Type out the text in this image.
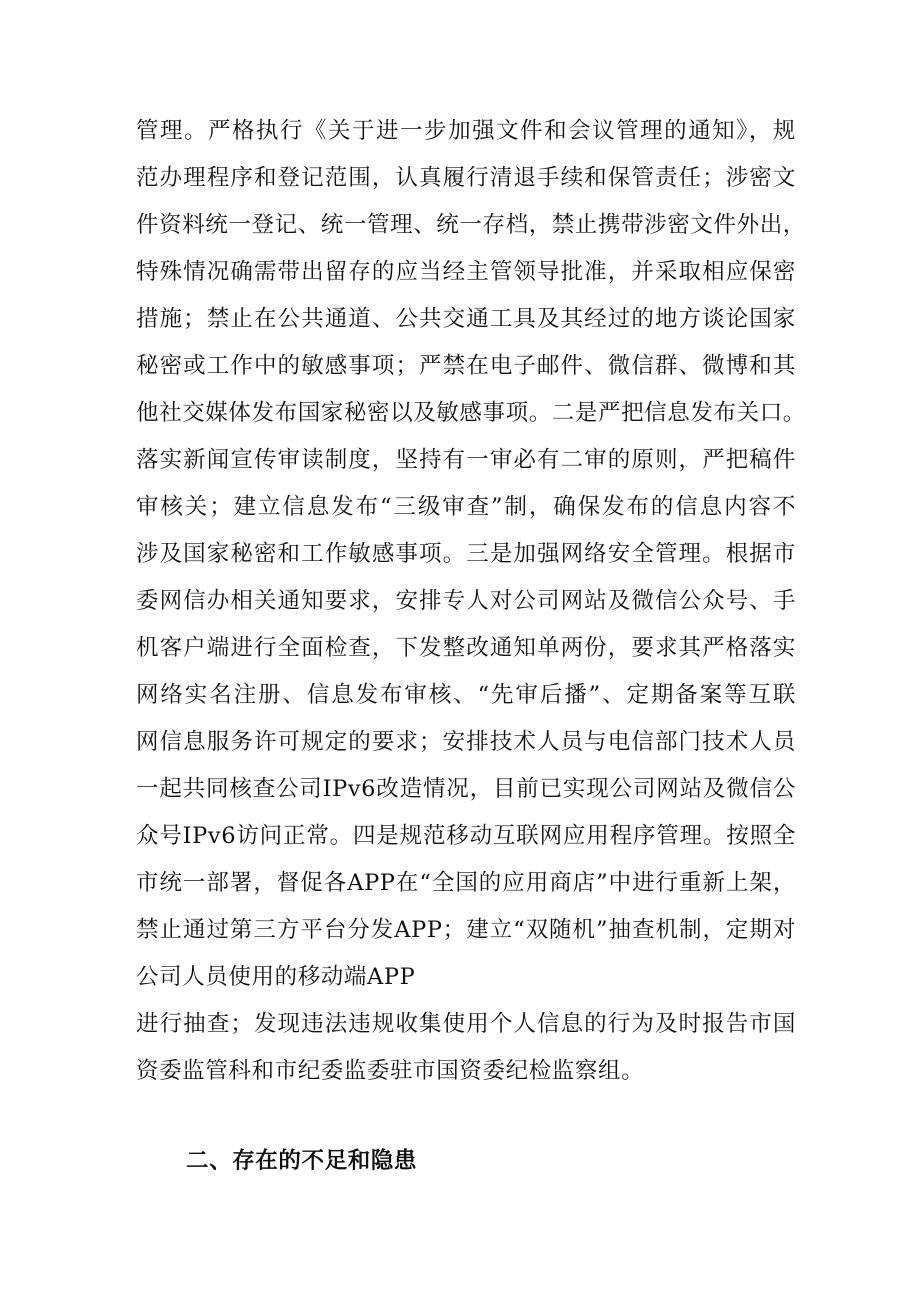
管理。严格执行《关于进一步加强文件和会议管理的通知》，规
范办理程序和登记范围，认真履行清退手续和保管责任；涉密文
件资料统一登记、统一管理、统一存档，禁止携带涉密文件外出，
特殊情况确需带出留存的应当经主管领导批准，并采取相应保密
措施；禁止在公共通道、公共交通工具及其经过的地方谈论国家
秘密或工作中的敏感事项；严禁在电子邮件、微信群、微博和其
他社交媒体发布国家秘密以及敏感事项。二是严把信息发布关口。
落实新闻宣传审读制度，坚持有一审必有二审的原则，严把稿件
审核关；建立信息发布“三级审查”制，确保发布的信息内容不
涉及国家秘密和工作敏感事项。三是加强网络安全管理。根据市
委网信办相关通知要求，安排专人对公司网站及微信公众号、手
机客户端进行全面检查，下发整改通知单两份，要求其严格落实
网络实名注册、信息发布审核、“先审后播”、定期备案等互联
网信息服务许可规定的要求；安排技术人员与电信部门技术人员
一起共同核查公司IPv6改造情况，目前已实现公司网站及微信公
众号IPv6访问正常。四是规范移动互联网应用程序管理。按照全
市统一部署，督促各APP在“全国的应用商店”中进行重新上架，
禁止通过第三方平台分发APP；建立“双随机”抽查机制，定期对
公司人员使用的移动端APP
进行抽查；发现违法违规收集使用个人信息的行为及时报告市国
资委监管科和市纪委监委驻市国资委纪检监察组。
二、存在的不足和隐患
